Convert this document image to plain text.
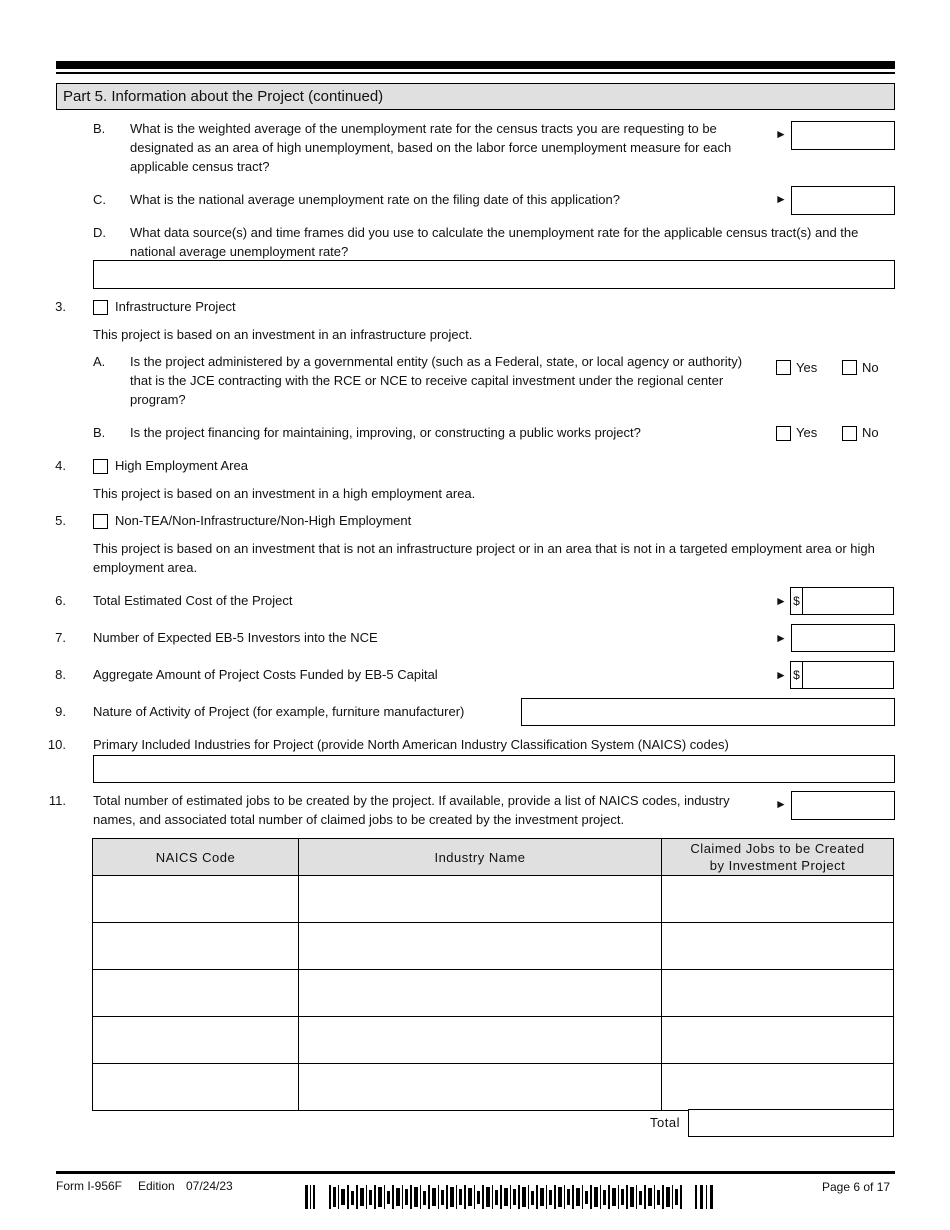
Part 5. Information about the Project (continued)
B. What is the weighted average of the unemployment rate for the census tracts you are requesting to be designated as an area of high unemployment, based on the labor force unemployment measure for each applicable census tract?
►
C. What is the national average unemployment rate on the filing date of this application?	►
D. What data source(s) and time frames did you use to calculate the unemployment rate for the applicable census tract(s) and the national average unemployment rate?
3.	Infrastructure Project
This project is based on an investment in an infrastructure project.
A. Is the project administered by a governmental entity (such as a Federal, state, or local agency or authority) that is the JCE contracting with the RCE or NCE to receive capital investment under the regional center program?
Yes	No
B. Is the project financing for maintaining, improving, or constructing a public works project?	Yes	No
4.	High Employment Area
This project is based on an investment in a high employment area.
5.	Non-TEA/Non-Infrastructure/Non-High Employment
This project is based on an investment that is not an infrastructure project or in an area that is not in a targeted employment area or high employment area.
6. Total Estimated Cost of the Project	► $
7. Number of Expected EB-5 Investors into the NCE	►
8. Aggregate Amount of Project Costs Funded by EB-5 Capital	► $
9. Nature of Activity of Project (for example, furniture manufacturer)
10. Primary Included Industries for Project (provide North American Industry Classification System (NAICS) codes)
11. Total number of estimated jobs to be created by the project. If available, provide a list of NAICS codes, industry names, and associated total number of claimed jobs to be created by the investment project.
►
NAICS Code	Industry Name	Claimed Jobs to be Created by Investment Project

Total
Form I-956F Edition 07/24/23	Page 6 of 17
